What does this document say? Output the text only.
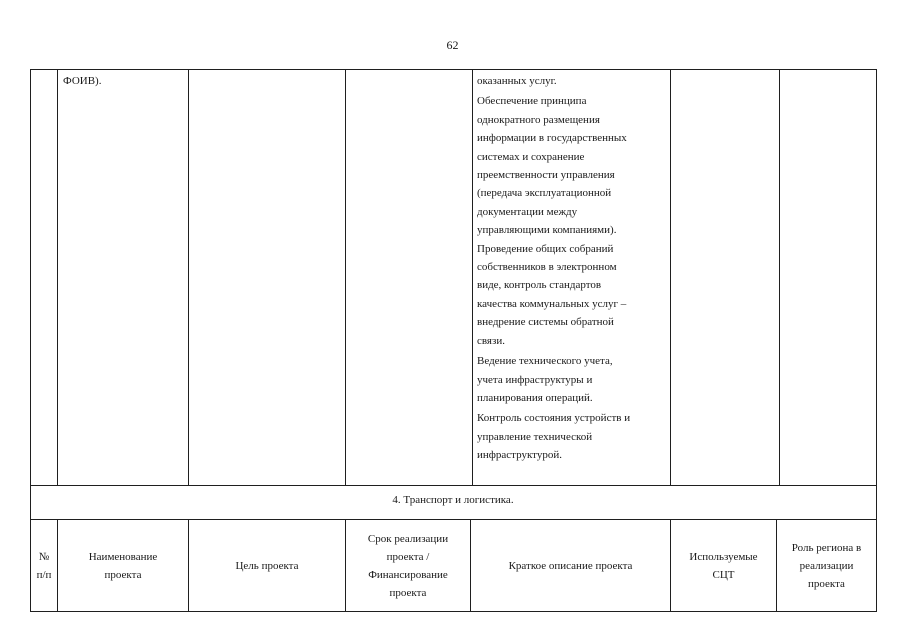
62
ФОИВ).	оказанных услуг.

Обеспечение принципа

однократного размещения

информации в государственных

системах и сохранение

преемственности управления

(передача эксплуатационной

документации между

управляющими компаниями).

Проведение общих собраний

собственников в электронном

виде, контроль стандартов

качества коммунальных услуг –

внедрение системы обратной

связи.

Ведение технического учета,

учета инфраструктуры и

планирования операций.

Контроль состояния устройств и

управление технической

инфраструктурой.

4. Транспорт и логистика.
№
п/п
Наименование
проекта
Цель проекта
Срок реализации
проекта /
Финансирование
проекта
Краткое описание проекта
Используемые
СЦТ
Роль региона в
реализации
проекта
